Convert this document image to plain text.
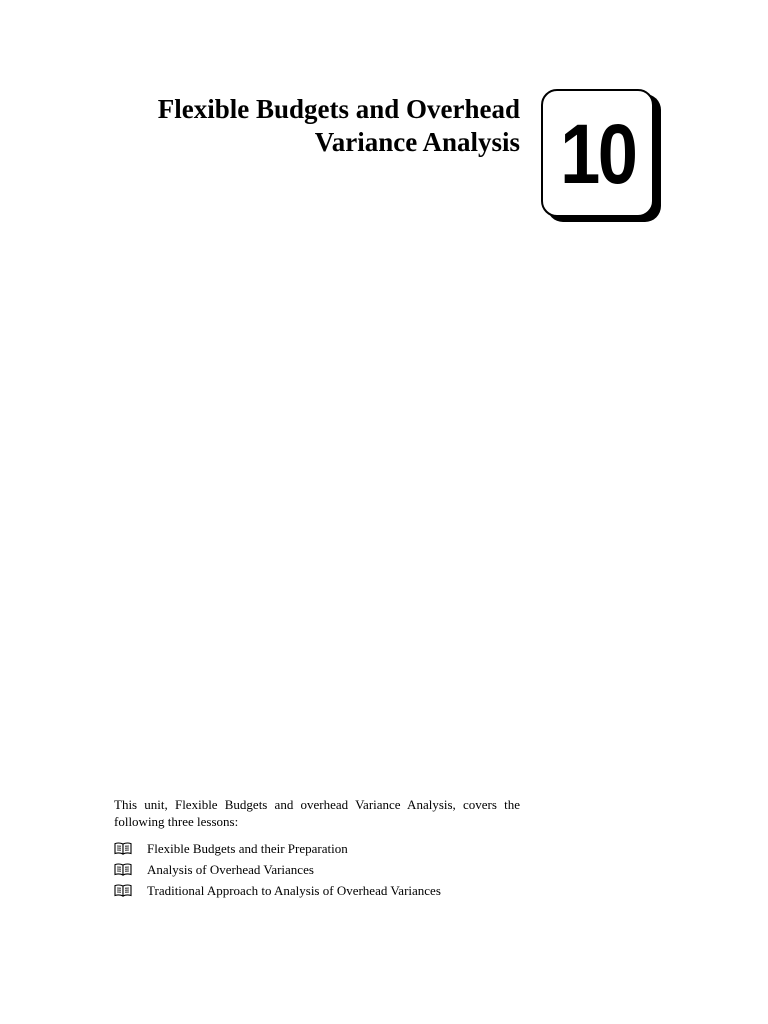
Flexible Budgets and Overhead
Variance Analysis 10

This unit, Flexible Budgets and overhead Variance Analysis, covers the following three lessons:

Flexible Budgets and their Preparation
Analysis of Overhead Variances
Traditional Approach to Analysis of Overhead Variances
